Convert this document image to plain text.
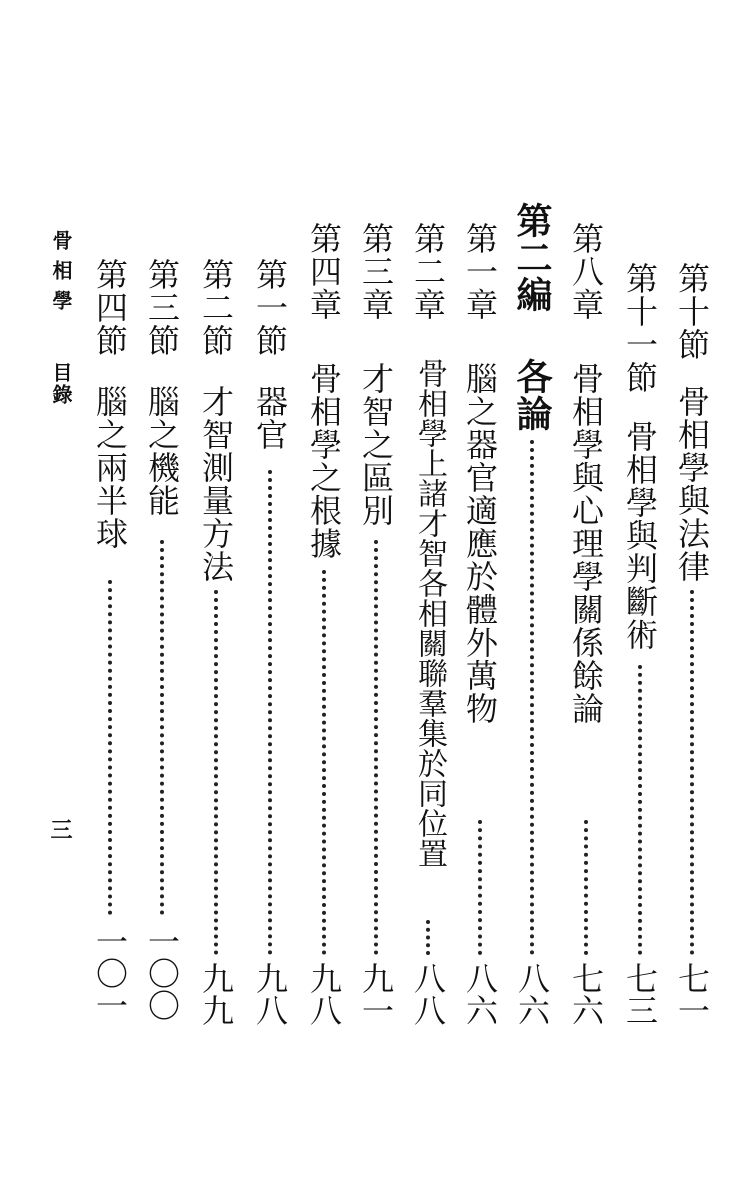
第十節
骨相學與法律
七一
第十一節
骨相學與判斷術
七三
第八章
骨相學與心理學關係餘論
七六
第二編
各論
八六
第一章
腦之器官適應於體外萬物
八六
第二章
骨相學上諸才智各相關聯羣集於同位置
八八
第三章
才智之區別
九一
第四章
骨相學之根據
九八
第一節
器官
九八
第二節
才智測量方法
九九
第三節
腦之機能
一〇〇
第四節
腦之兩半球
一〇一
骨相學
目錄
三
